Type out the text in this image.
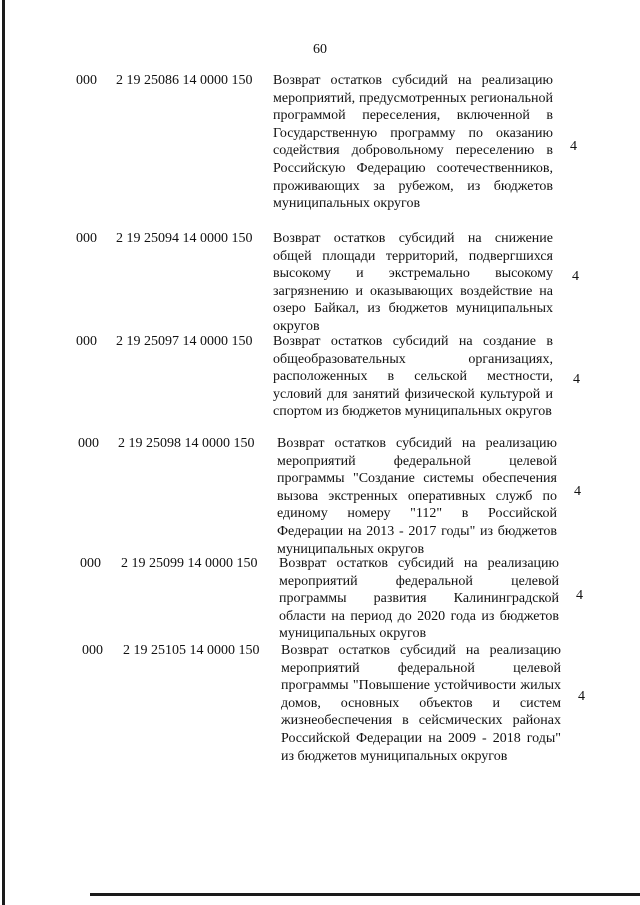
60
000 2 19 25086 14 0000 150 Возврат остатков субсидий на реализацию мероприятий, предусмотренных региональной программой переселения, включенной в Государственную программу по оказанию содействия добровольному переселению в Российскую Федерацию соотечественников, проживающих за рубежом, из бюджетов муниципальных округов
4
000 2 19 25094 14 0000 150 Возврат остатков субсидий на снижение общей площади территорий, подвергшихся высокому и экстремально высокому загрязнению и оказывающих воздействие на озеро Байкал, из бюджетов муниципальных округов
4
000 2 19 25097 14 0000 150 Возврат остатков субсидий на создание в общеобразовательных организациях, расположенных в сельской местности, условий для занятий физической культурой и спортом из бюджетов муниципальных округов
4
000 2 19 25098 14 0000 150 Возврат остатков субсидий на реализацию мероприятий федеральной целевой программы "Создание системы обеспечения вызова экстренных оперативных служб по единому номеру "112" в Российской Федерации на 2013 - 2017 годы" из бюджетов муниципальных округов
4
000 2 19 25099 14 0000 150 Возврат остатков субсидий на реализацию мероприятий федеральной целевой программы развития Калининградской области на период до 2020 года из бюджетов муниципальных округов
4
000 2 19 25105 14 0000 150 Возврат остатков субсидий на реализацию мероприятий федеральной целевой программы "Повышение устойчивости жилых домов, основных объектов и систем жизнеобеспечения в сейсмических районах Российской Федерации на 2009 - 2018 годы" из бюджетов муниципальных округов
4
